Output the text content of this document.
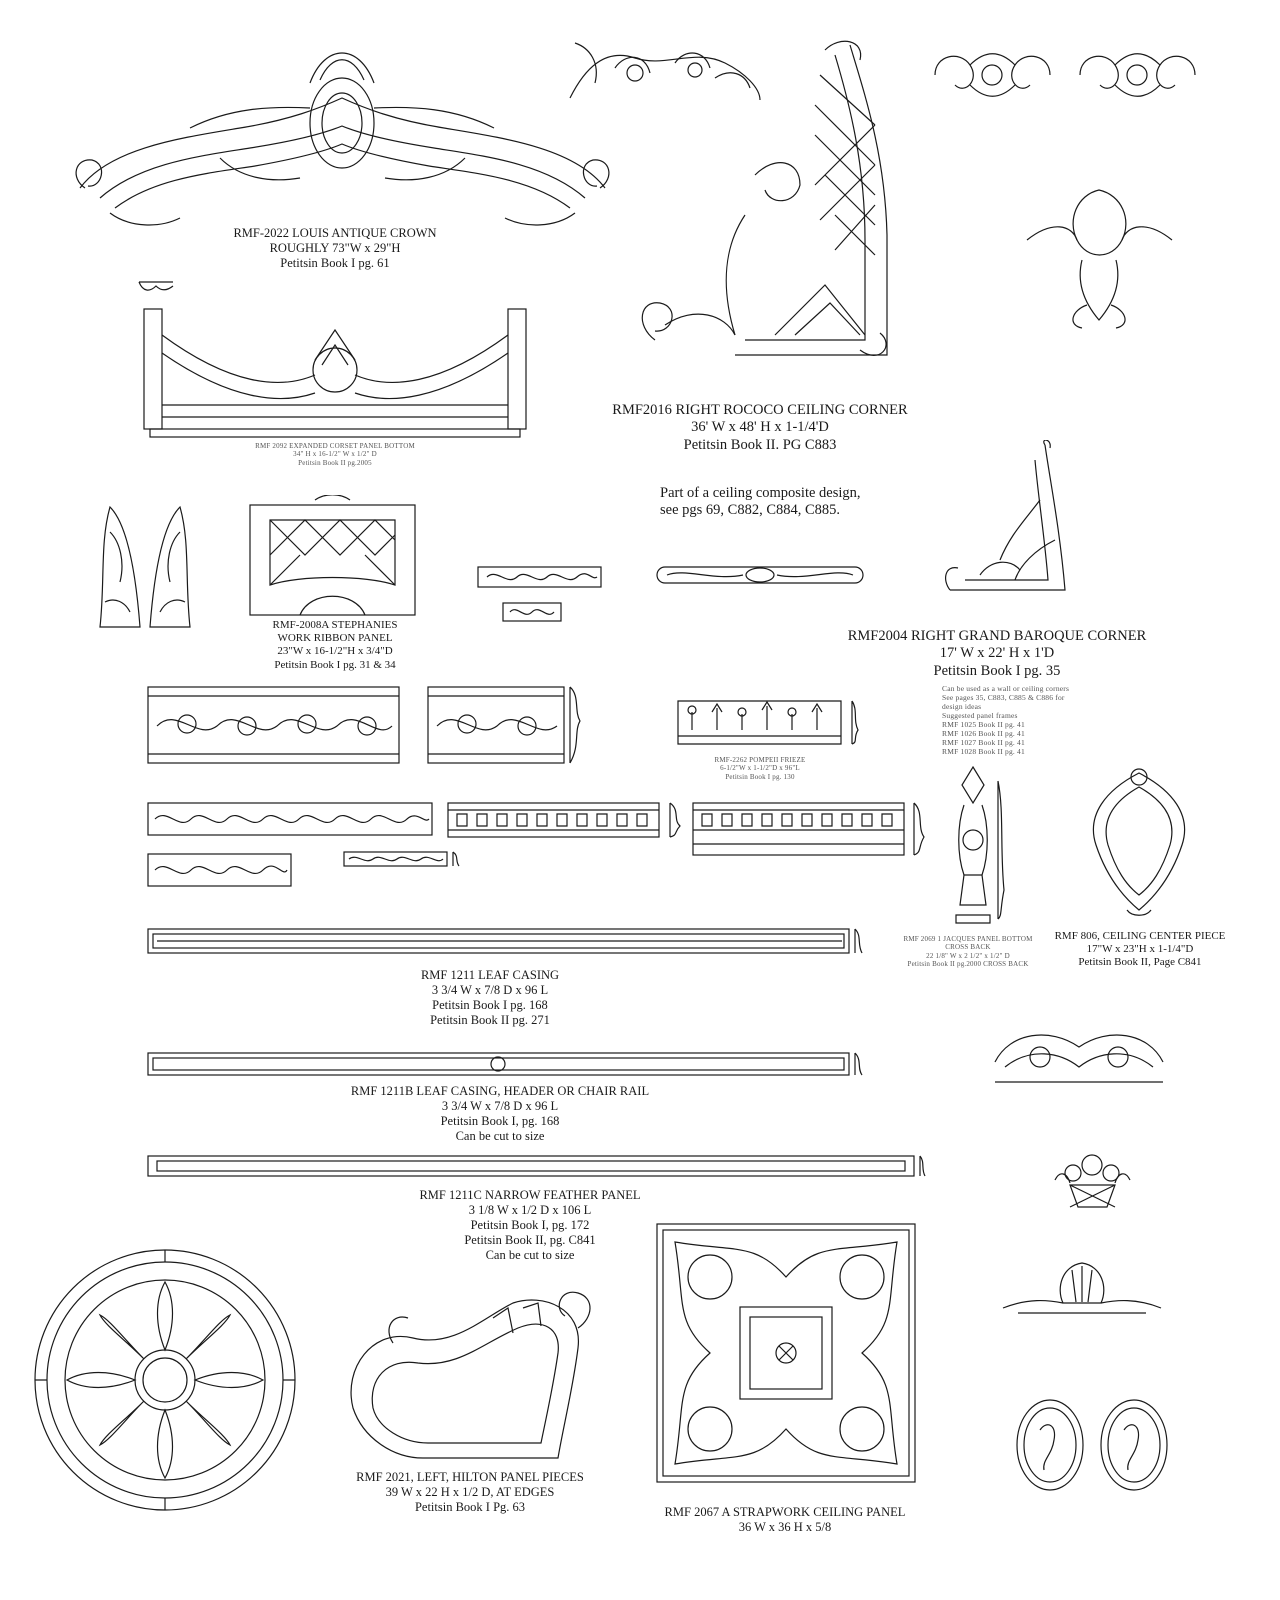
RMF-2022 LOUIS ANTIQUE CROWN
ROUGHLY 73"W x 29"H
Petitsin Book I pg. 61
RMF 2092 EXPANDED CORSET PANEL BOTTOM
34" H x 16-1/2" W x 1/2" D
Petitsin Book II pg.2005
RMF2016 RIGHT ROCOCO CEILING CORNER
36' W x 48' H x 1-1/4'D
Petitsin Book II. PG C883
Part of a ceiling composite design,
see pgs 69, C882, C884, C885.
RMF-2008A STEPHANIES
WORK RIBBON PANEL
23"W x 16-1/2"H x 3/4"D
Petitsin Book I pg. 31 & 34
RMF2004 RIGHT GRAND BAROQUE CORNER
17' W x 22' H x 1'D
Petitsin Book I pg. 35
Can be used as a wall or ceiling corners
See pages 35, C883, C885 & C886 for
design ideas
Suggested panel frames
RMF 1025 Book II pg. 41
RMF 1026 Book II pg. 41
RMF 1027 Book II pg. 41
RMF 1028 Book II pg. 41
RMF-2262 POMPEII FRIEZE
6-1/2"W x 1-1/2"D x 96"L
Petitsin Book I pg. 130
RMF 2069 1 JACQUES PANEL BOTTOM
CROSS BACK
22 1/8" W x 2 1/2" x 1/2" D
Petitsin Book II pg.2000 CROSS BACK
RMF 806, CEILING CENTER PIECE
17"W x 23"H x 1-1/4"D
Petitsin Book II, Page C841
RMF 1211 LEAF CASING
3 3/4 W x 7/8 D x 96 L
Petitsin Book I pg. 168
Petitsin Book II pg. 271
RMF 1211B LEAF CASING, HEADER OR CHAIR RAIL
3 3/4 W x 7/8 D x 96 L
Petitsin Book I, pg. 168
Can be cut to size
RMF 1211C NARROW FEATHER PANEL
3 1/8 W x 1/2 D x 106 L
Petitsin Book I, pg. 172
Petitsin Book II, pg. C841
Can be cut to size
RMF 2021, LEFT, HILTON PANEL PIECES
39 W x 22 H x 1/2 D, AT EDGES
Petitsin Book I Pg. 63	RMF 2067 A STRAPWORK CEILING PANEL
36 W x 36 H x 5/8
